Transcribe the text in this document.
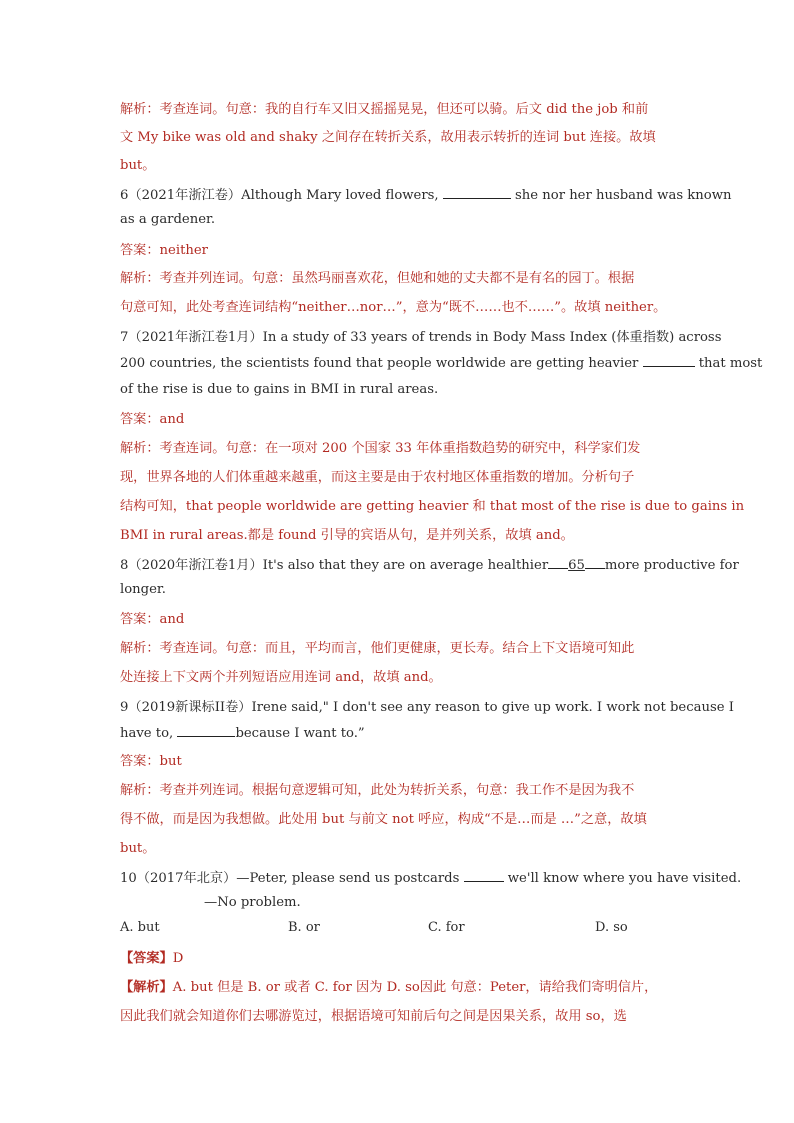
解析：考查连词。句意：我的自行车又旧又摇摇晃晃，但还可以骑。后文 did the job 和前
文 My bike was old and shaky 之间存在转折关系，故用表示转折的连词 but 连接。故填
but。
6（2021年浙江卷）Although Mary loved flowers,	she nor her husband was known
as a gardener.
答案：neither
解析：考查并列连词。句意：虽然玛丽喜欢花，但她和她的丈夫都不是有名的园丁。根据
句意可知，此处考查连词结构“neither…nor…”，意为“既不……也不……”。故填 neither。
7（2021年浙江卷1月）In a study of 33 years of trends in Body Mass Index (体重指数) across
200 countries, the scientists found that people worldwide are getting heavier	that most
of the rise is due to gains in BMI in rural areas.
答案：and
解析：考查连词。句意：在一项对 200 个国家 33 年体重指数趋势的研究中，科学家们发
现，世界各地的人们体重越来越重，而这主要是由于农村地区体重指数的增加。分析句子
结构可知，that people worldwide are getting heavier 和 that most of the rise is due to gains in
BMI in rural areas.都是 found 引导的宾语从句，是并列关系，故填 and。
8（2020年浙江卷1月）It's also that they are on average healthier 65 more productive for
longer.
答案：and
解析：考查连词。句意：而且，平均而言，他们更健康，更长寿。结合上下文语境可知此
处连接上下文两个并列短语应用连词 and，故填 and。
9（2019新课标II卷）Irene said," I don't see any reason to give up work. I work not because I
have to,	because I want to.”
答案：but
解析：考查并列连词。根据句意逻辑可知，此处为转折关系，句意：我工作不是因为我不
得不做，而是因为我想做。此处用 but 与前文 not 呼应，构成“不是…而是 …”之意，故填
but。
10（2017年北京）—Peter, please send us postcards	we'll know where you have visited.
—No problem.
A. but	B. or	C. for	D. so
【答案】D
【解析】A. but 但是 B. or 或者 C. for 因为 D. so因此 句意：Peter，请给我们寄明信片，
因此我们就会知道你们去哪游览过，根据语境可知前后句之间是因果关系，故用 so，选
